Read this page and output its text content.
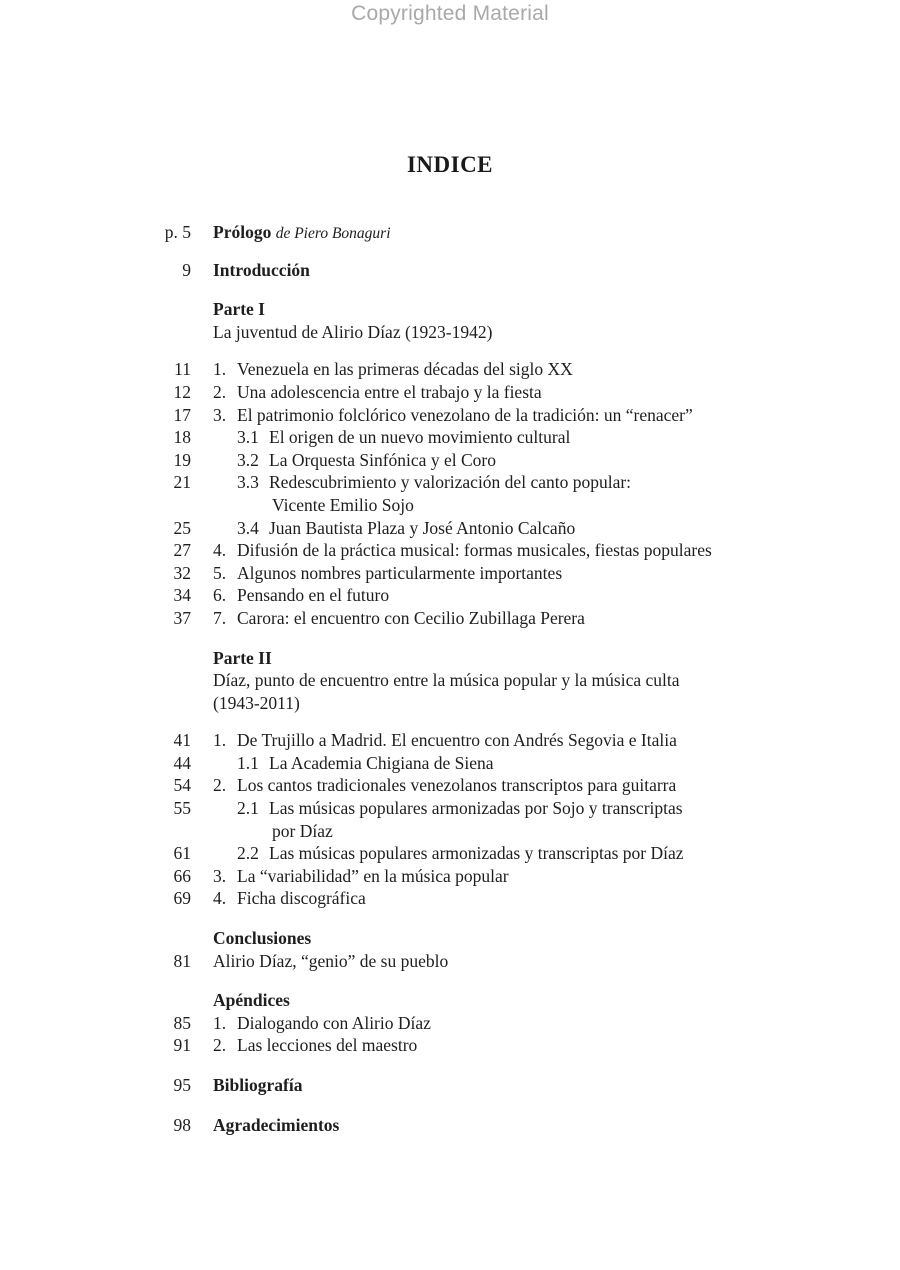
Copyrighted Material
INDICE
p. 5 Prólogo de Piero Bonaguri
9 Introducción
Parte I
La juventud de Alirio Díaz (1923-1942)
11 1. Venezuela en las primeras décadas del siglo XX
12 2. Una adolescencia entre el trabajo y la fiesta
17 3. El patrimonio folclórico venezolano de la tradición: un “renacer”
18	3.1 El origen de un nuevo movimiento cultural
19	3.2 La Orquesta Sinfónica y el Coro
21	3.3 Redescubrimiento y valorización del canto popular:
Vicente Emilio Sojo
25	3.4 Juan Bautista Plaza y José Antonio Calcaño
27 4. Difusión de la práctica musical: formas musicales, fiestas populares
32 5. Algunos nombres particularmente importantes
34 6. Pensando en el futuro
37 7. Carora: el encuentro con Cecilio Zubillaga Perera
Parte II
Díaz, punto de encuentro entre la música popular y la música culta
(1943-2011)
41 1. De Trujillo a Madrid. El encuentro con Andrés Segovia e Italia
44	1.1 La Academia Chigiana de Siena
54 2. Los cantos tradicionales venezolanos transcriptos para guitarra
55	2.1 Las músicas populares armonizadas por Sojo y transcriptas
por Díaz
61	2.2 Las músicas populares armonizadas y transcriptas por Díaz
66 3. La “variabilidad” en la música popular
69 4. Ficha discográfica
Conclusiones
81 Alirio Díaz, “genio” de su pueblo
Apéndices
85 1. Dialogando con Alirio Díaz
91 2. Las lecciones del maestro
95 Bibliografía
98 Agradecimientos
